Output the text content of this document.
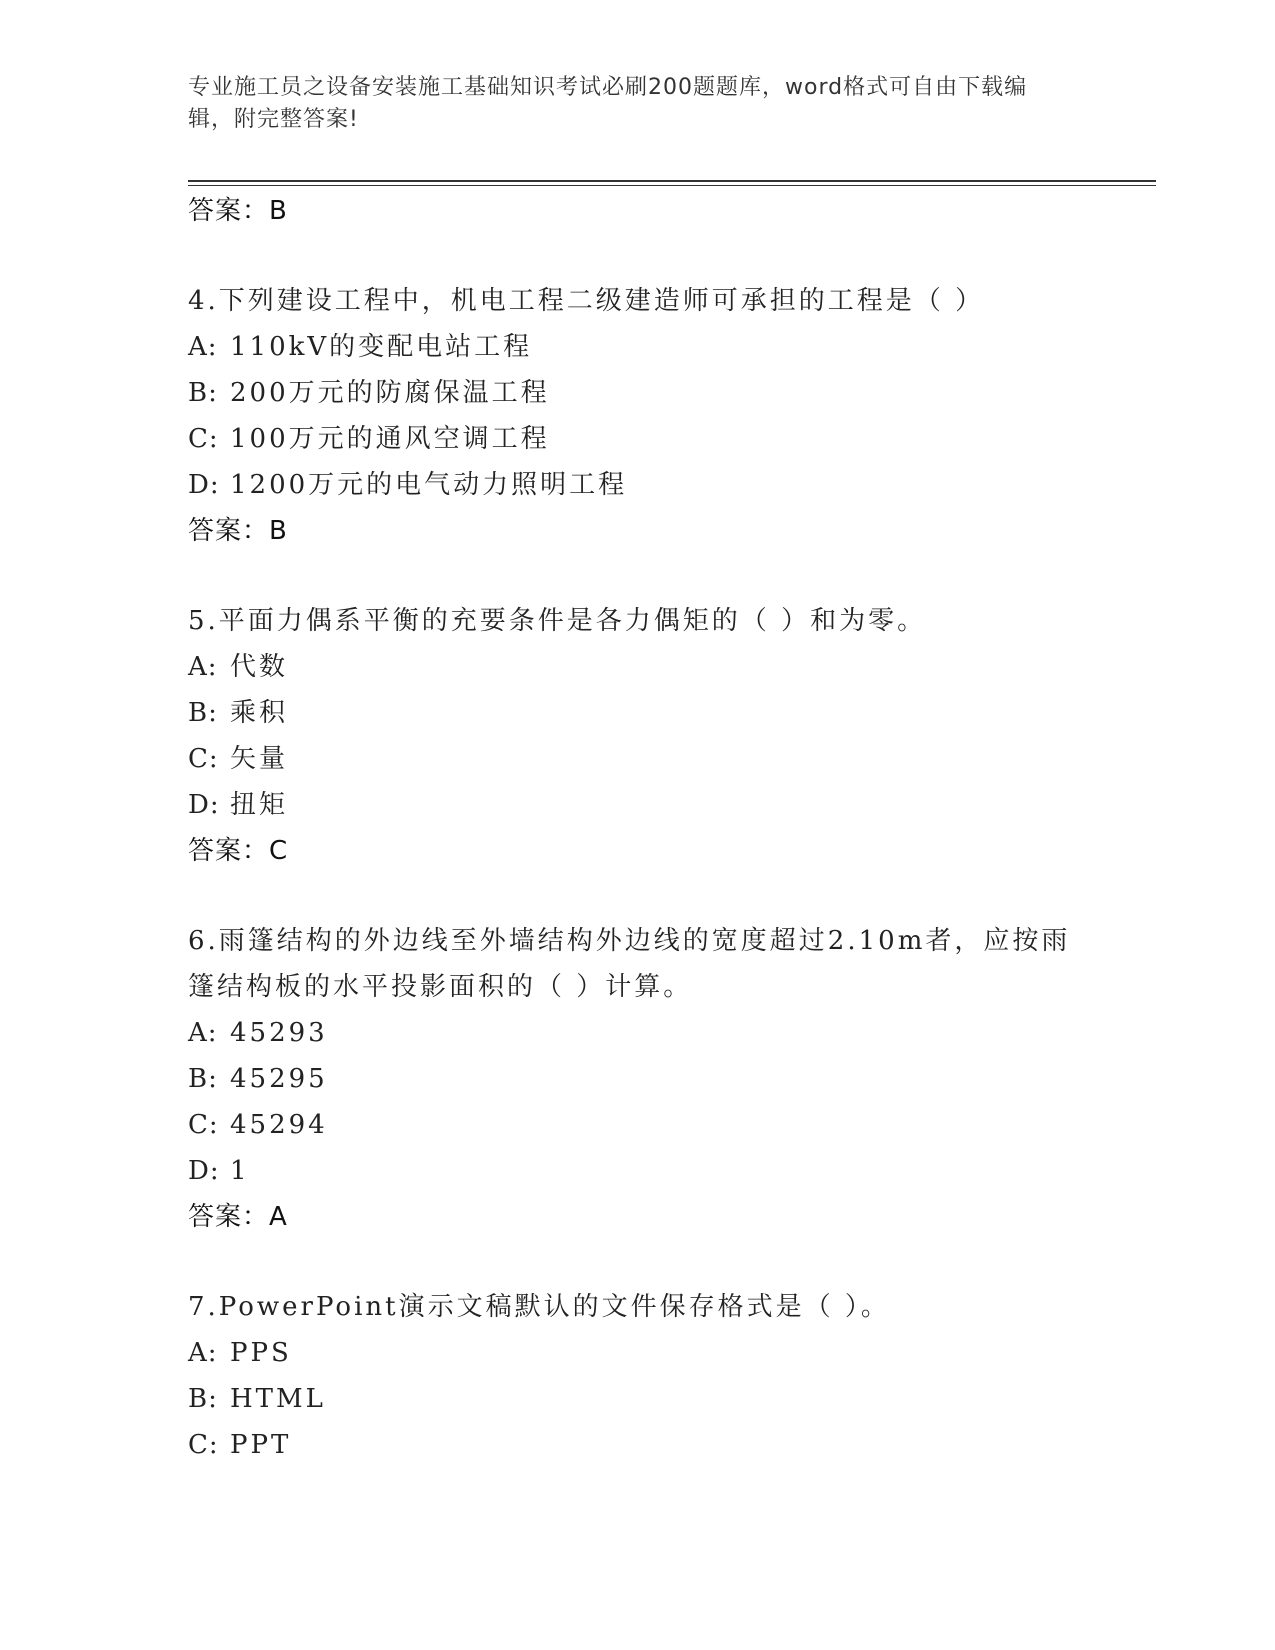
专业施工员之设备安装施工基础知识考试必刷200题题库，word格式可自由下载编辑，附完整答案!
答案：B
4.下列建设工程中，机电工程二级建造师可承担的工程是（ ）
A: 110kV的变配电站工程
B: 200万元的防腐保温工程
C: 100万元的通风空调工程
D: 1200万元的电气动力照明工程
答案：B
5.平面力偶系平衡的充要条件是各力偶矩的（ ）和为零。
A: 代数
B: 乘积
C: 矢量
D: 扭矩
答案：C
6.雨篷结构的外边线至外墙结构外边线的宽度超过2.10m者，应按雨篷结构板的水平投影面积的（ ）计算。
A: 45293
B: 45295
C: 45294
D: 1
答案：A
7.PowerPoint演示文稿默认的文件保存格式是（ ）。
A: PPS
B: HTML
C: PPT
